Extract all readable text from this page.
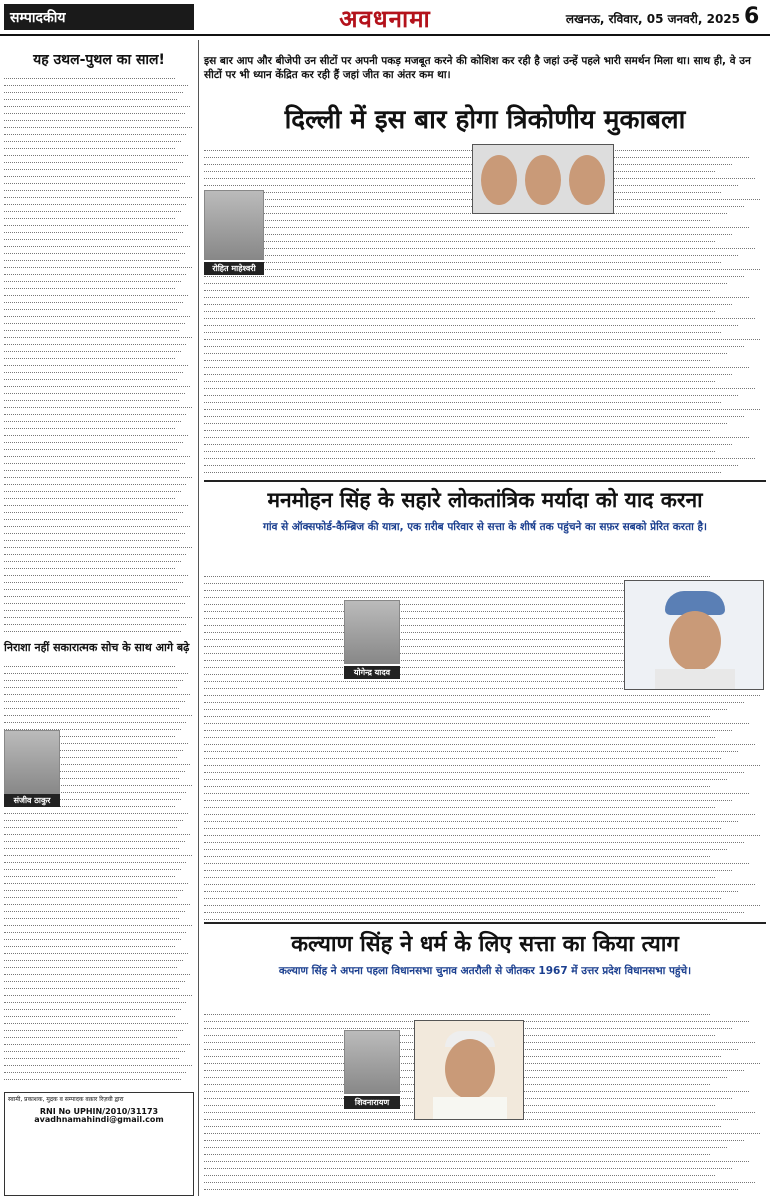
सम्पादकीय	अवधनामा	लखनऊ, रविवार, 05 जनवरी, 2025 6
यह उथल-पुथल का साल!
निराशा नहीं सकारात्मक सोच के साथ आगे बढ़े
संजीव ठाकुर
स्वामी, प्रकाशक, मुद्रक व सम्पादक वक़ार रिज़वी द्वारा
RNI No UPHIN/2010/31173
avadhnamahindi@gmail.com
इस बार आप और बीजेपी उन सीटों पर अपनी पकड़ मजबूत करने की कोशिश कर रही है जहां उन्हें पहले भारी समर्थन मिला था। साथ ही, वे उन सीटों पर भी ध्यान केंद्रित कर रही हैं जहां जीत का अंतर कम था।
दिल्ली में इस बार होगा त्रिकोणीय मुकाबला
रोहित माहेश्वरी
मनमोहन सिंह के सहारे लोकतांत्रिक मर्यादा को याद करना
गांव से ऑक्सफोर्ड-कैम्ब्रिज की यात्रा, एक ग़रीब परिवार से सत्ता के शीर्ष तक पहुंचने का सफ़र सबको प्रेरित करता है।
योगेन्द्र यादव
कल्याण सिंह ने धर्म के लिए सत्ता का किया त्याग
कल्याण सिंह ने अपना पहला विधानसभा चुनाव अतरौली से जीतकर 1967 में उत्तर प्रदेश विधानसभा पहुंचे।
शिवनारायण
